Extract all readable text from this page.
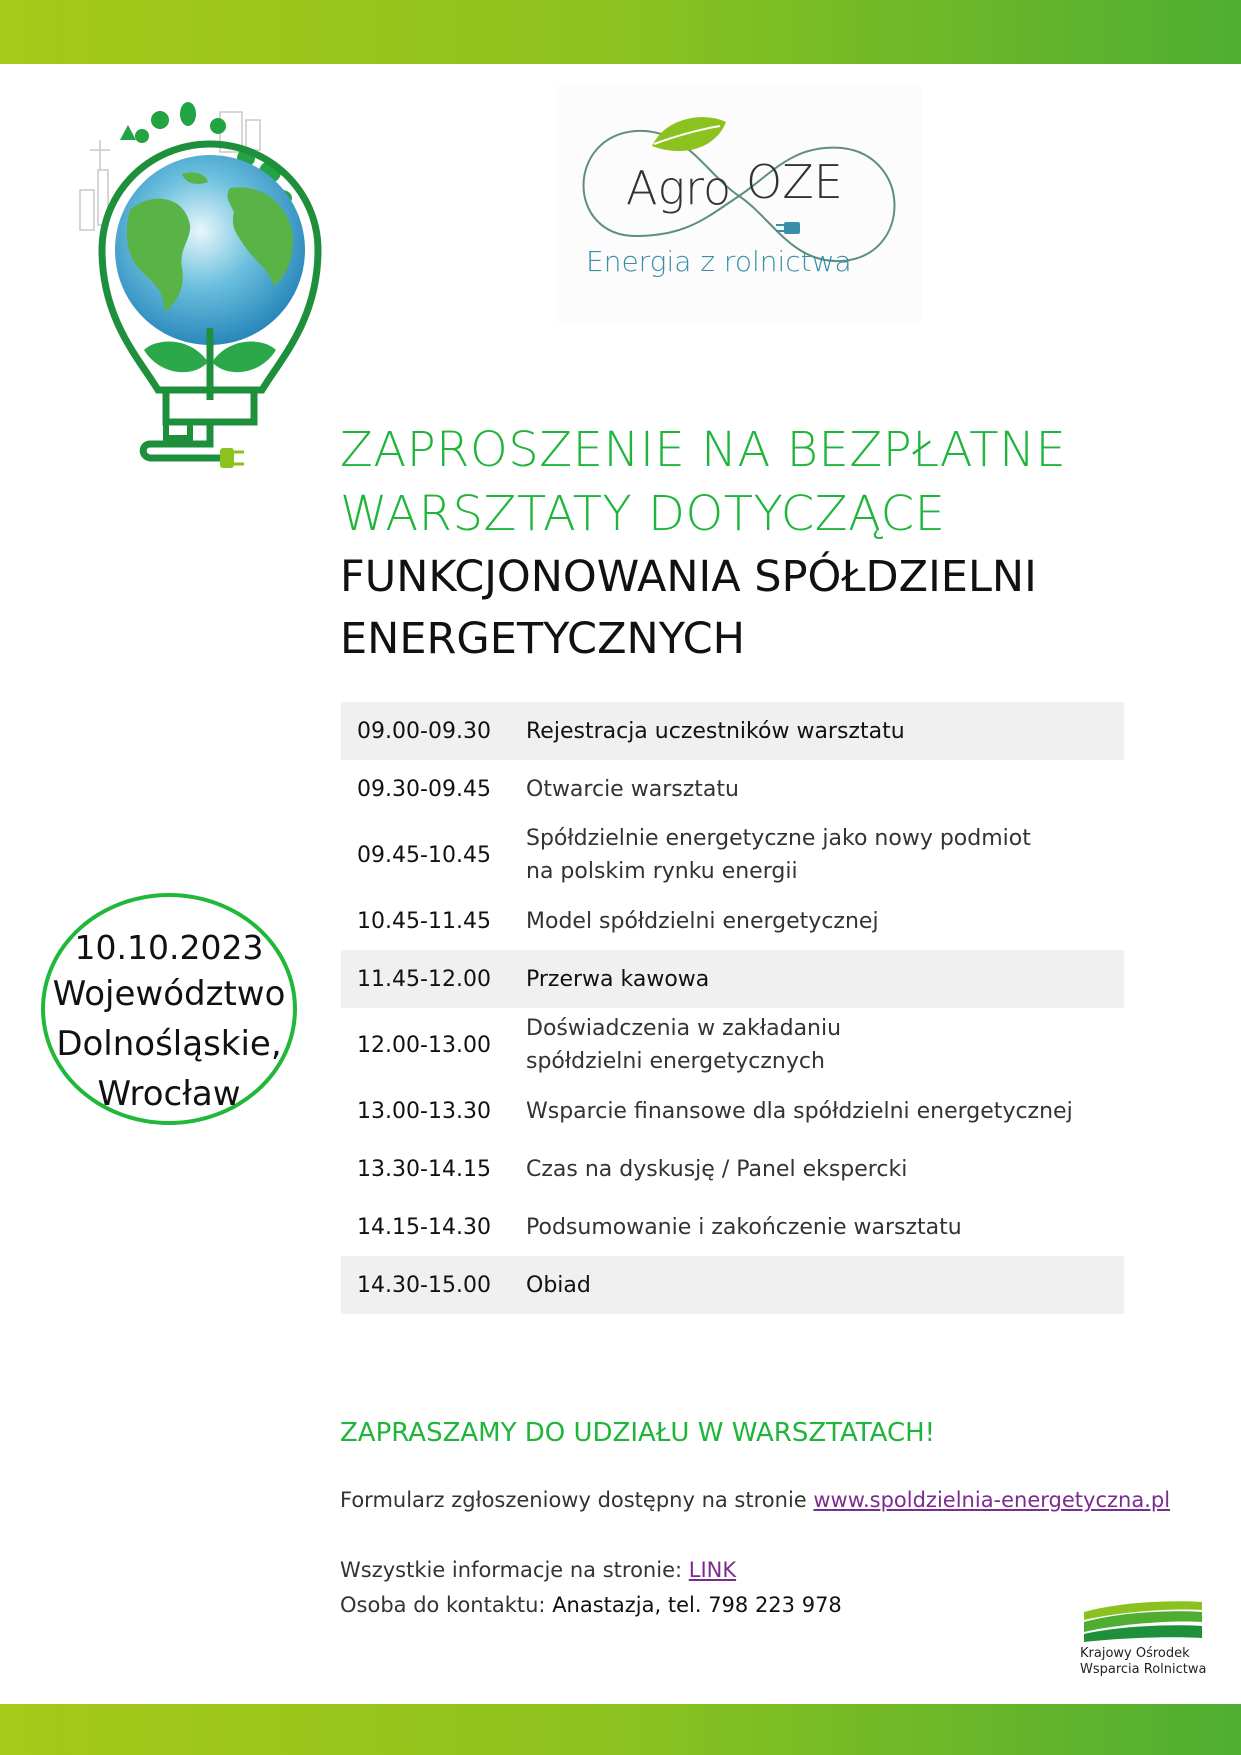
Agro OZE
Energia z rolnictwa
ZAPROSZENIE NA BEZPŁATNE
WARSZTATY DOTYCZĄCE
FUNKCJONOWANIA SPÓŁDZIELNI
ENERGETYCZNYCH
10.10.2023
Województwo
Dolnośląskie,
Wrocław
09.00-09.30	Rejestracja uczestników warsztatu
09.30-09.45	Otwarcie warsztatu
09.45-10.45	Spółdzielnie energetyczne jako nowy podmiot na polskim rynku energii
10.45-11.45	Model spółdzielni energetycznej
11.45-12.00	Przerwa kawowa
12.00-13.00	Doświadczenia w zakładaniu spółdzielni energetycznych
13.00-13.30	Wsparcie finansowe dla spółdzielni energetycznej
13.30-14.15	Czas na dyskusję / Panel ekspercki
14.15-14.30	Podsumowanie i zakończenie warsztatu
14.30-15.00	Obiad
ZAPRASZAMY DO UDZIAŁU W WARSZTATACH!
Formularz zgłoszeniowy dostępny na stronie www.spoldzielnia-energetyczna.pl
Wszystkie informacje na stronie: LINK
Osoba do kontaktu: Anastazja, tel. 798 223 978
Krajowy Ośrodek
Wsparcia Rolnictwa
